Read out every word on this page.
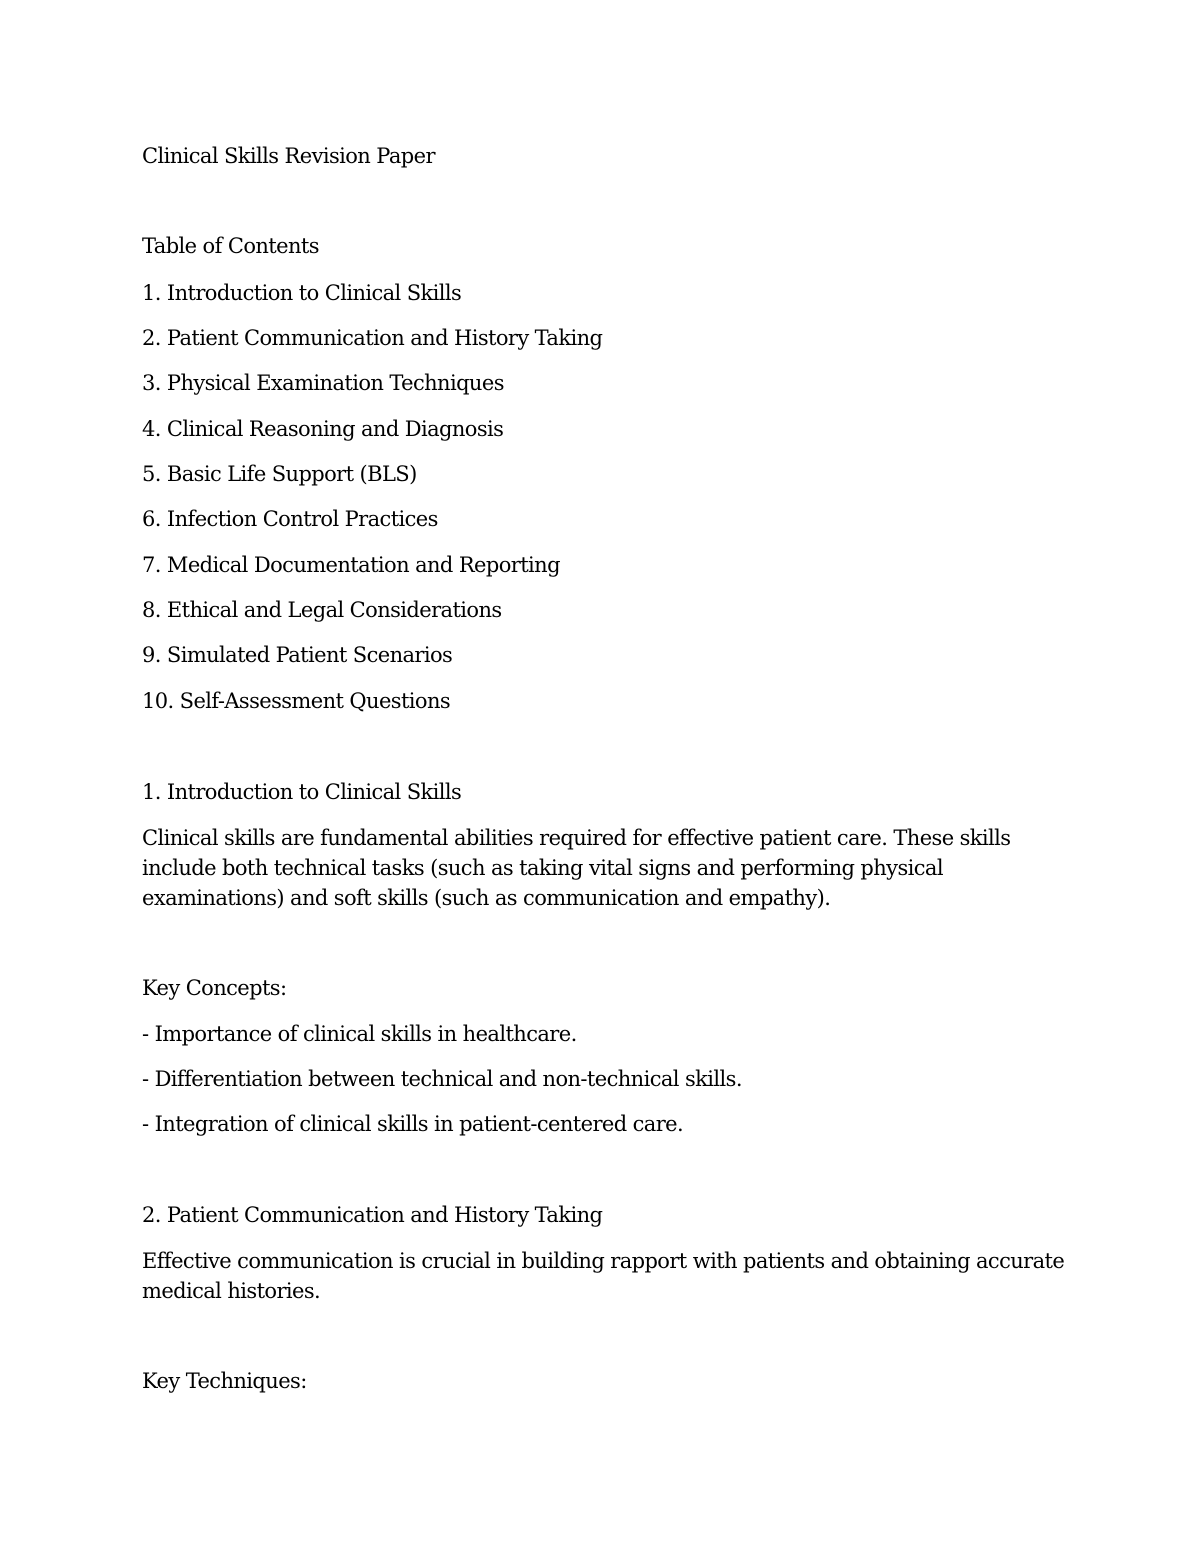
Clinical Skills Revision Paper
Table of Contents
1. Introduction to Clinical Skills
2. Patient Communication and History Taking
3. Physical Examination Techniques
4. Clinical Reasoning and Diagnosis
5. Basic Life Support (BLS)
6. Infection Control Practices
7. Medical Documentation and Reporting
8. Ethical and Legal Considerations
9. Simulated Patient Scenarios
10. Self-Assessment Questions
1. Introduction to Clinical Skills
Clinical skills are fundamental abilities required for effective patient care. These skills
include both technical tasks (such as taking vital signs and performing physical
examinations) and soft skills (such as communication and empathy).
Key Concepts:
- Importance of clinical skills in healthcare.
- Differentiation between technical and non-technical skills.
- Integration of clinical skills in patient-centered care.
2. Patient Communication and History Taking
Effective communication is crucial in building rapport with patients and obtaining accurate
medical histories.
Key Techniques:
